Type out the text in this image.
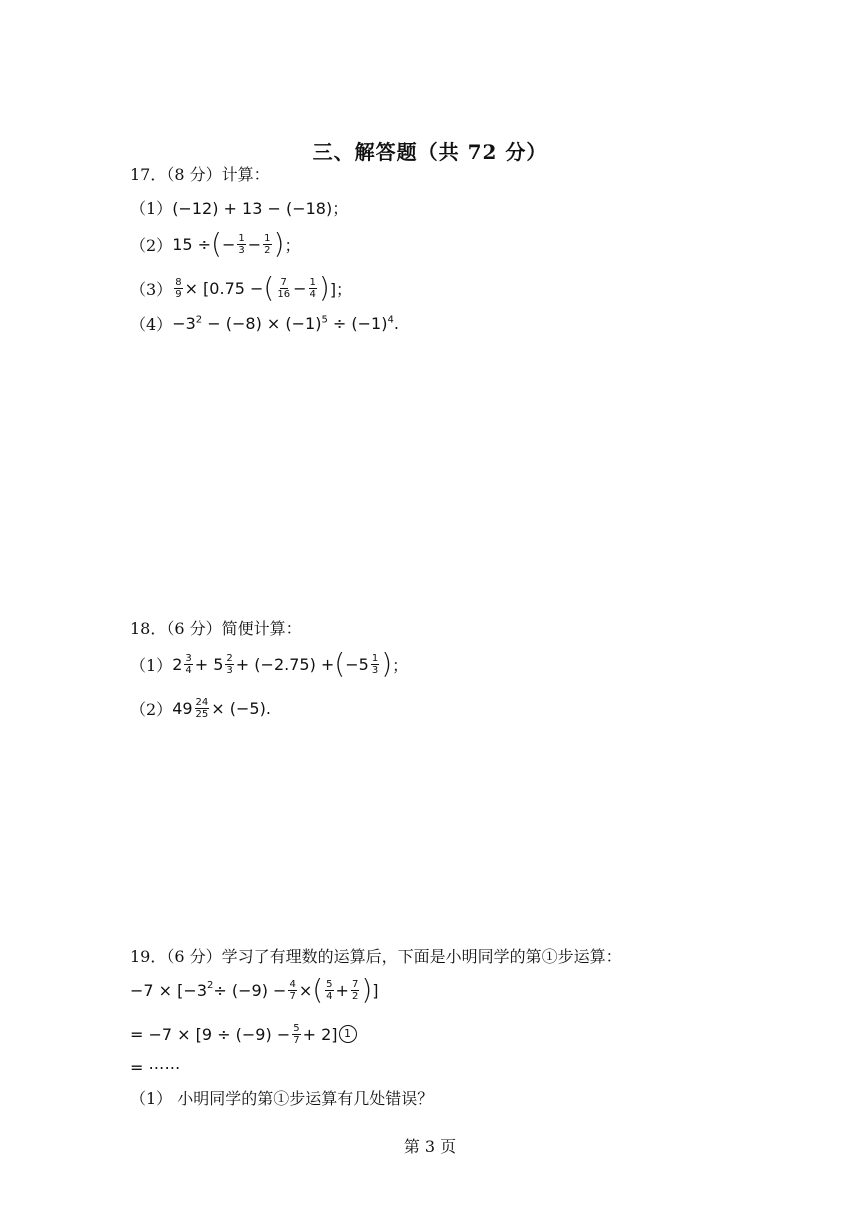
三、解答题（共 72 分）
17．（8 分）计算：
（1） (−12) + 13 − (−18)；
（2） 15 ÷ ( − $\frac{1}{3} - \frac{1}{2}$ ) ；
$(3) \frac{8}{9} \times [0.75$ − ( $\frac{7}{16} - \frac{1}{4}$ ) ]；
$(4) -3^2 - (-8) \times (-1)^5 \div (-1)^4$.
18．（6 分）简便计算：
（1） $2 \frac{3}{4} + 5 \frac{2}{3} + (-2.75)$ + ( $-5 \frac{1}{3}$ ) ；
（2） $49 \frac{24}{25} \times (-5)$.
19．（6 分）学习了有理数的运算后，下面是小明同学的第①步运算：
$-7 \times [-3^2 \div (-9) - \frac{4}{7}$ × ( $\frac{5}{4} + \frac{7}{2}$ ) ]
= $-7 \times [9 \div (-9) - \frac{5}{7} + 2]$ 1
= ⋯⋯
（1） 小明同学的第①步运算有几处错误？
第 3 页
